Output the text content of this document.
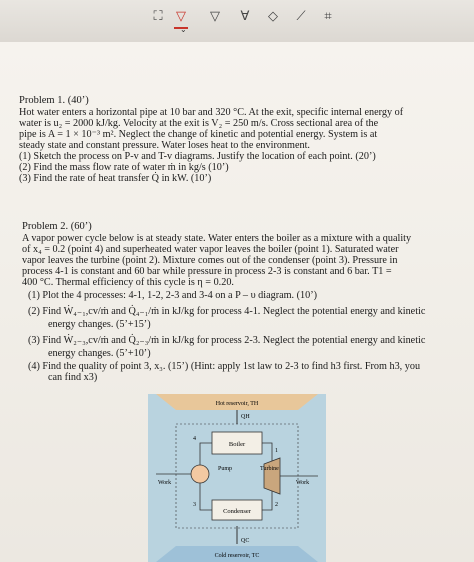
⛶ ▽
⌄
▽ ∀ ◇ ⟋	⌗
Problem 1. (40’)
Hot water enters a horizontal pipe at 10 bar and 320 °C. At the exit, specific internal energy of
water is u₂ = 2000 kJ/kg. Velocity at the exit is V₂ = 250 m/s. Cross sectional area of the
pipe is A = 1 × 10⁻³ m². Neglect the change of kinetic and potential energy. System is at
steady state and constant pressure. Water loses heat to the environment.
(1) Sketch the process on P-v and T-v diagrams. Justify the location of each point. (20’)
(2) Find the mass flow rate of water ṁ in kg/s (10’)
(3) Find the rate of heat transfer Q̇ in kW. (10’)
Problem 2. (60’)
A vapor power cycle below is at steady state. Water enters the boiler as a mixture with a quality
of x₄ = 0.2 (point 4) and superheated water vapor leaves the boiler (point 1). Saturated water
vapor leaves the turbine (point 2). Mixture comes out of the condenser (point 3). Pressure in
process 4-1 is constant and 60 bar while pressure in process 2-3 is constant and 6 bar. T1 =
400 °C. Thermal efficiency of this cycle is η = 0.20.
(1) Plot the 4 processes: 4-1, 1-2, 2-3 and 3-4 on a P – υ diagram. (10’)
(2) Find Ẇ₄₋₁,cv/ṁ and Q̇₄₋₁/ṁ in kJ/kg for process 4-1. Neglect the potential energy and kinetic
energy changes. (5’+15’)
(3) Find Ẇ₂₋₃,cv/ṁ and Q̇₂₋₃/ṁ in kJ/kg for process 2-3. Neglect the potential energy and kinetic
energy changes. (5’+10’)
(4) Find the quality of point 3, x₃. (15’) (Hint: apply 1st law to 2-3 to find h3 first. From h3, you
can find x3)
Hot reservoir, TH
Cold reservoir, TC
QH
QC
Boiler
Condenser
Pump	Turbine
Work	Work
1
2
3
4
